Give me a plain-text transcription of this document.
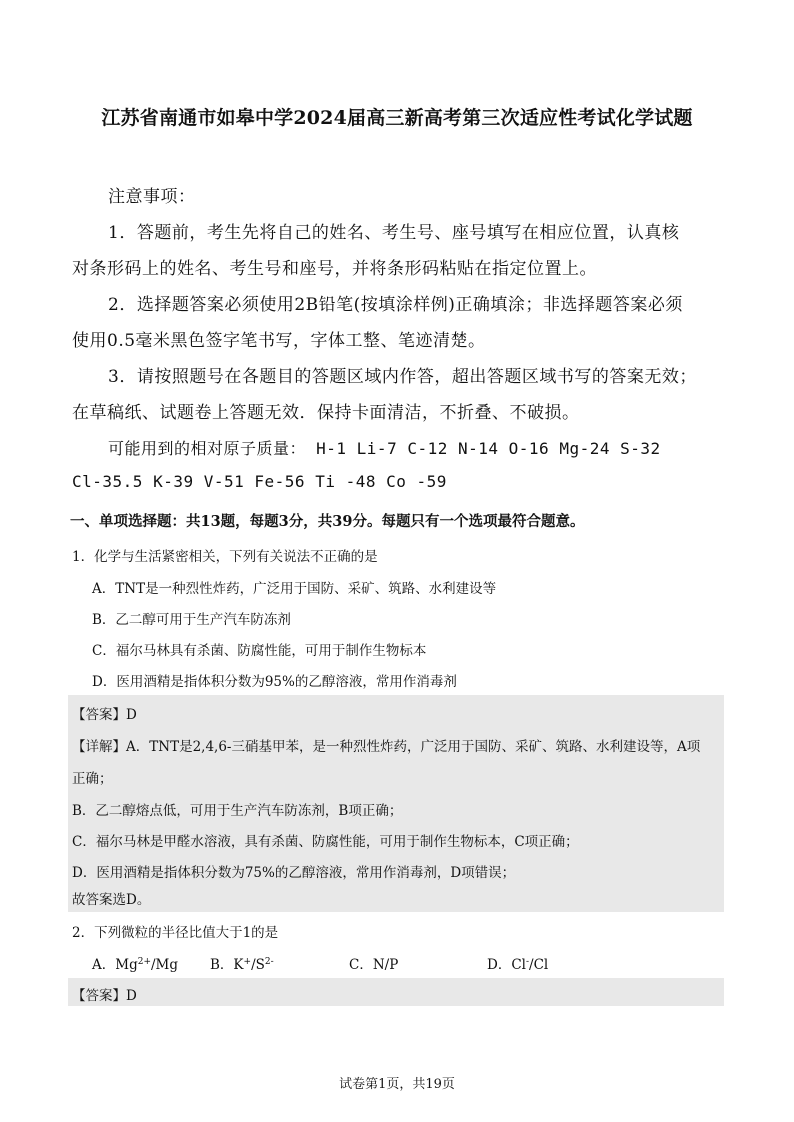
江苏省南通市如皋中学2024届高三新高考第三次适应性考试化学试题
注意事项：
1．答题前，考生先将自己的姓名、考生号、座号填写在相应位置，认真核
对条形码上的姓名、考生号和座号，并将条形码粘贴在指定位置上。
2．选择题答案必须使用2B铅笔(按填涂样例)正确填涂；非选择题答案必须
使用0.5毫米黑色签字笔书写，字体工整、笔迹清楚。
3．请按照题号在各题目的答题区域内作答，超出答题区域书写的答案无效；
在草稿纸、试题卷上答题无效．保持卡面清洁，不折叠、不破损。
可能用到的相对原子质量： H-1 Li-7 C-12 N-14 O-16 Mg-24 S-32
Cl-35.5 K-39 V-51 Fe-56 Ti -48 Co -59
一、单项选择题：共13题，每题3分，共39分。每题只有一个选项最符合题意。
1．化学与生活紧密相关，下列有关说法不正确的是
A．TNT是一种烈性炸药，广泛用于国防、采矿、筑路、水利建设等
B．乙二醇可用于生产汽车防冻剂
C．福尔马林具有杀菌、防腐性能，可用于制作生物标本
D．医用酒精是指体积分数为95%的乙醇溶液，常用作消毒剂
【答案】D
【详解】A．TNT是2,4,6-三硝基甲苯，是一种烈性炸药，广泛用于国防、采矿、筑路、水利建设等，A项
正确；
B．乙二醇熔点低，可用于生产汽车防冻剂，B项正确；
C．福尔马林是甲醛水溶液，具有杀菌、防腐性能，可用于制作生物标本，C项正确；
D．医用酒精是指体积分数为75%的乙醇溶液，常用作消毒剂，D项错误；
故答案选D。
2．下列微粒的半径比值大于1的是
A．$Mg^{2+}/Mg$ B．$K^+/S^{2-}$	C．N/P	D．Cl-/Cl
【答案】D
试卷第1页，共19页
